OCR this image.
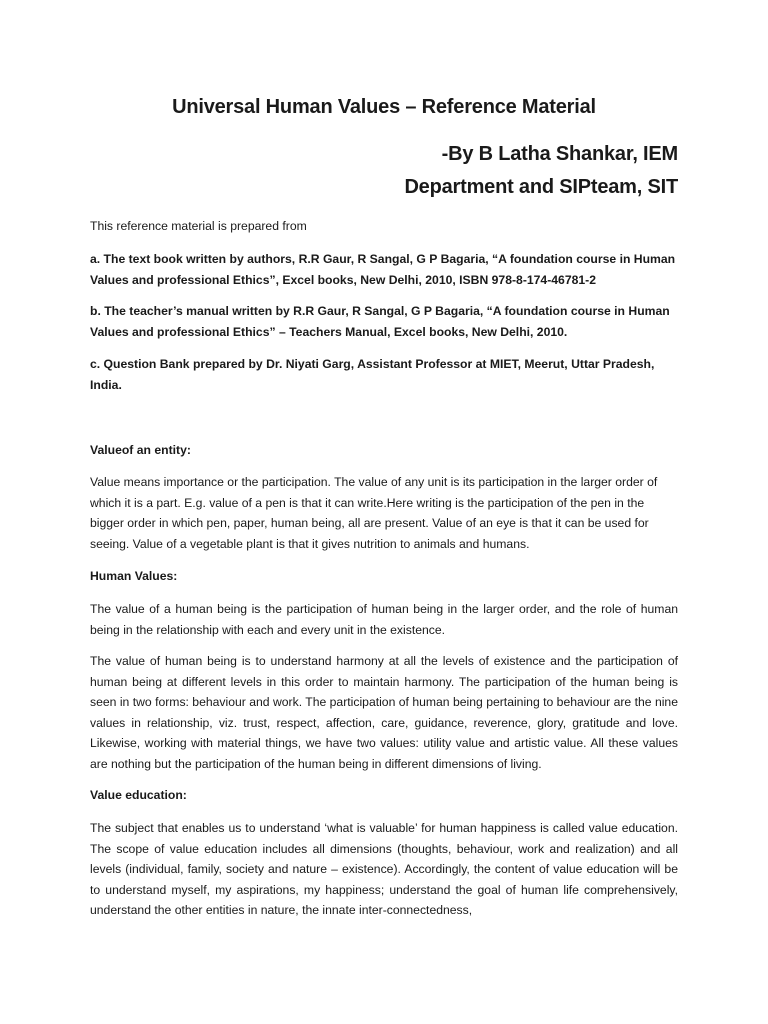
Universal Human Values – Reference Material

-By B Latha Shankar, IEM

Department and SIPteam, SIT

This reference material is prepared from

a. The text book written by authors, R.R Gaur, R Sangal, G P Bagaria, “A foundation course in Human Values and professional Ethics”, Excel books, New Delhi, 2010, ISBN 978-8-174-46781-2

b. The teacher’s manual written by R.R Gaur, R Sangal, G P Bagaria, “A foundation course in Human Values and professional Ethics” – Teachers Manual, Excel books, New Delhi, 2010.

c. Question Bank prepared by Dr. Niyati Garg, Assistant Professor at MIET, Meerut, Uttar Pradesh, India.

Valueof an entity:

Value means importance or the participation. The value of any unit is its participation in the larger order of which it is a part. E.g. value of a pen is that it can write.Here writing is the participation of the pen in the bigger order in which pen, paper, human being, all are present. Value of an eye is that it can be used for seeing. Value of a vegetable plant is that it gives nutrition to animals and humans.

Human Values:

The value of a human being is the participation of human being in the larger order, and the role of human being in the relationship with each and every unit in the existence.

The value of human being is to understand harmony at all the levels of existence and the participation of human being at different levels in this order to maintain harmony. The participation of the human being is seen in two forms: behaviour and work. The participation of human being pertaining to behaviour are the nine values in relationship, viz. trust, respect, affection, care, guidance, reverence, glory, gratitude and love. Likewise, working with material things, we have two values: utility value and artistic value. All these values are nothing but the participation of the human being in different dimensions of living.

Value education:

The subject that enables us to understand ‘what is valuable’ for human happiness is called value education. The scope of value education includes all dimensions (thoughts, behaviour, work and realization) and all levels (individual, family, society and nature – existence). Accordingly, the content of value education will be to understand myself, my aspirations, my happiness; understand the goal of human life comprehensively, understand the other entities in nature, the innate inter-connectedness,
